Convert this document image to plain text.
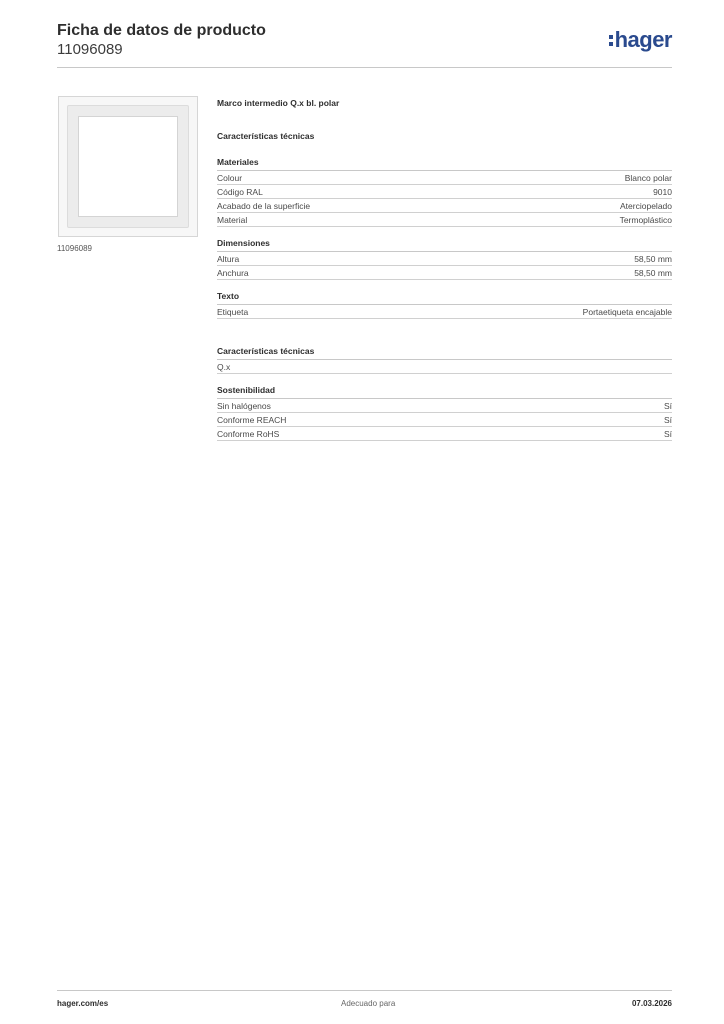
Ficha de datos de producto
11096089	hager
11096089
Marco intermedio Q.x bl. polar
Características técnicas
Materiales
Colour	Blanco polar
Código RAL	9010
Acabado de la superficie	Aterciopelado
Material	Termoplástico
Dimensiones
Altura	58,50 mm
Anchura	58,50 mm
Texto
Etiqueta	Portaetiqueta encajable
Características técnicas
Q.x
Sostenibilidad
Sin halógenos	Sí
Conforme REACH	Sí
Conforme RoHS	Sí
hager.com/es	Adecuado para	07.03.2026
